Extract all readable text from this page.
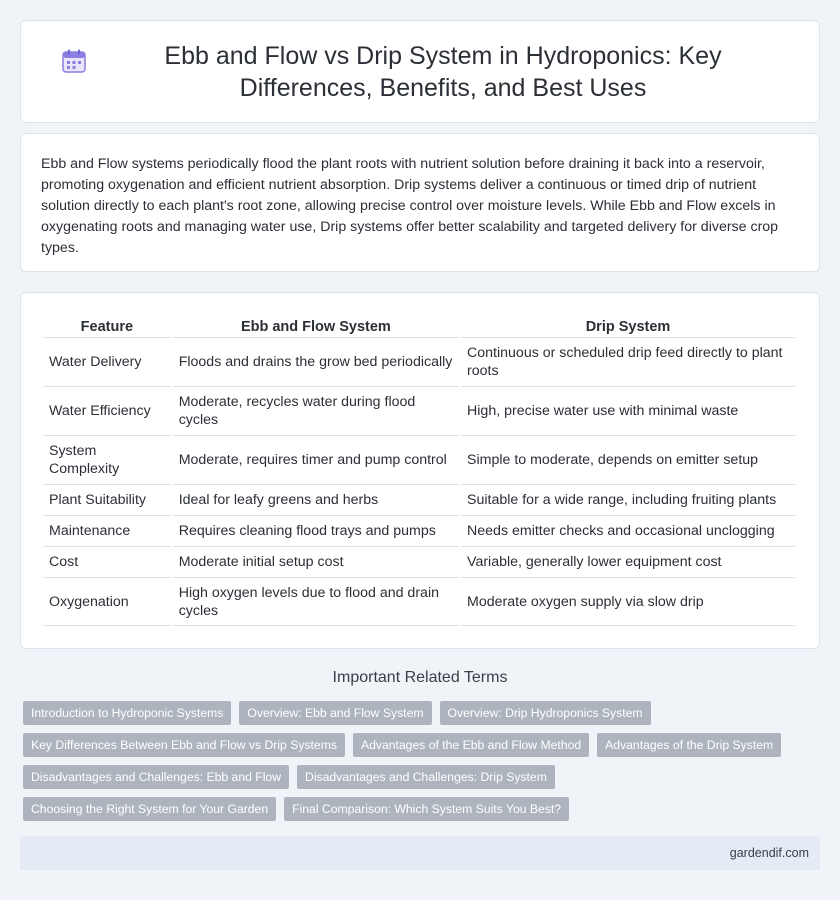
Ebb and Flow vs Drip System in Hydroponics: Key Differences, Benefits, and Best Uses

Ebb and Flow systems periodically flood the plant roots with nutrient solution before draining it back into a reservoir, promoting oxygenation and efficient nutrient absorption. Drip systems deliver a continuous or timed drip of nutrient solution directly to each plant's root zone, allowing precise control over moisture levels. While Ebb and Flow excels in oxygenating roots and managing water use, Drip systems offer better scalability and targeted delivery for diverse crop types.

Feature	Ebb and Flow System	Drip System
Water Delivery	Floods and drains the grow bed periodically	Continuous or scheduled drip feed directly to plant roots
Water Efficiency	Moderate, recycles water during flood cycles	High, precise water use with minimal waste
System Complexity	Moderate, requires timer and pump control	Simple to moderate, depends on emitter setup
Plant Suitability	Ideal for leafy greens and herbs	Suitable for a wide range, including fruiting plants
Maintenance	Requires cleaning flood trays and pumps	Needs emitter checks and occasional unclogging
Cost	Moderate initial setup cost	Variable, generally lower equipment cost
Oxygenation	High oxygen levels due to flood and drain cycles	Moderate oxygen supply via slow drip
Important Related Terms
Introduction to Hydroponic Systems	Overview: Ebb and Flow System	Overview: Drip Hydroponics System
Key Differences Between Ebb and Flow vs Drip Systems	Advantages of the Ebb and Flow Method	Advantages of the Drip System
Disadvantages and Challenges: Ebb and Flow	Disadvantages and Challenges: Drip System
Choosing the Right System for Your Garden	Final Comparison: Which System Suits You Best?
gardendif.com
